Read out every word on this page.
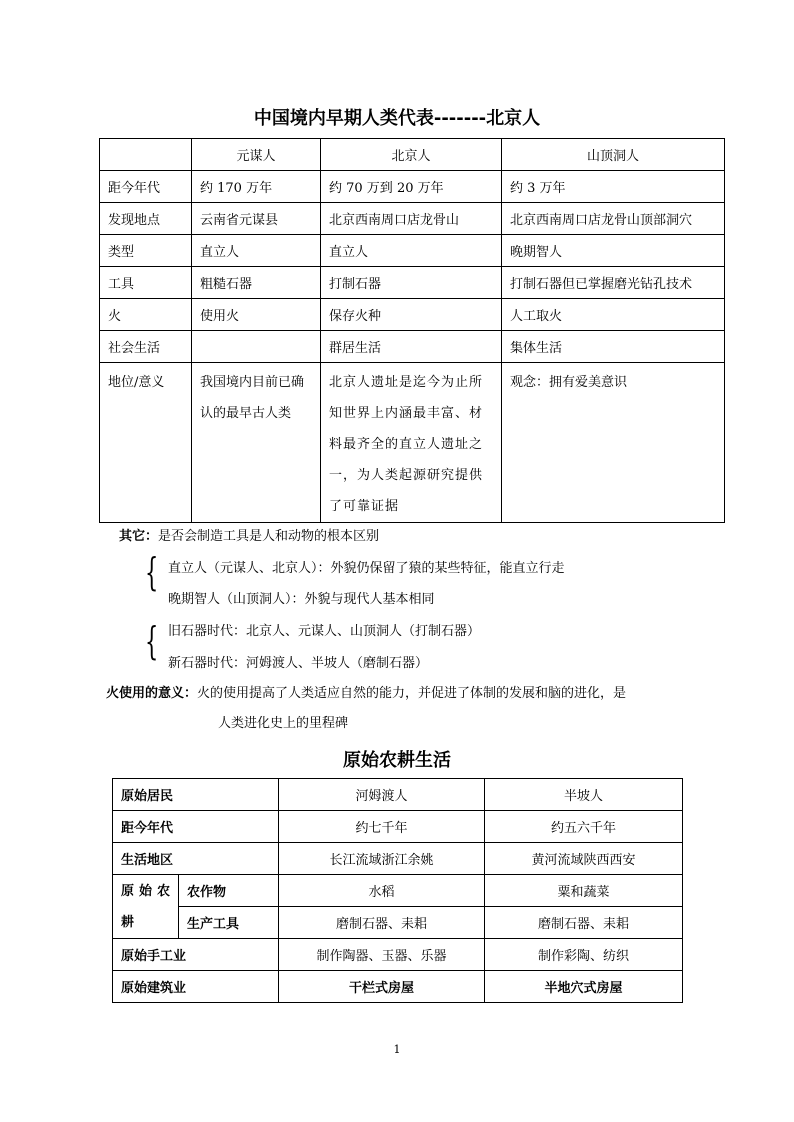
中国境内早期人类代表-------北京人
	元谋人	北京人	山顶洞人
距今年代	约 170 万年	约 70 万到 20 万年	约 3 万年
发现地点	云南省元谋县	北京西南周口店龙骨山	北京西南周口店龙骨山顶部洞穴
类型	直立人	直立人	晚期智人
工具	粗糙石器	打制石器	打制石器但已掌握磨光钻孔技术
火	使用火	保存火种	人工取火
社会生活		群居生活	集体生活
地位/意义	我国境内目前已确认的最早古人类	北京人遗址是迄今为止所知世界上内涵最丰富、材料最齐全的直立人遗址之一，为人类起源研究提供了可靠证据	观念：拥有爱美意识
其它：是否会制造工具是人和动物的根本区别
{ 直立人（元谋人、北京人）：外貌仍保留了猿的某些特征，能直立行走
晚期智人（山顶洞人）：外貌与现代人基本相同
{ 旧石器时代：北京人、元谋人、山顶洞人（打制石器）
新石器时代：河姆渡人、半坡人（磨制石器）
火使用的意义：火的使用提高了人类适应自然的能力，并促进了体制的发展和脑的进化，是
人类进化史上的里程碑
原始农耕生活
原始居民		河姆渡人	半坡人
距今年代		约七千年	约五六千年
生活地区		长江流域浙江余姚	黄河流域陕西西安
原 始 农 耕	农作物	水稻	粟和蔬菜
	生产工具	磨制石器、耒耜	磨制石器、耒耜
原始手工业		制作陶器、玉器、乐器	制作彩陶、纺织
原始建筑业		干栏式房屋	半地穴式房屋
1
